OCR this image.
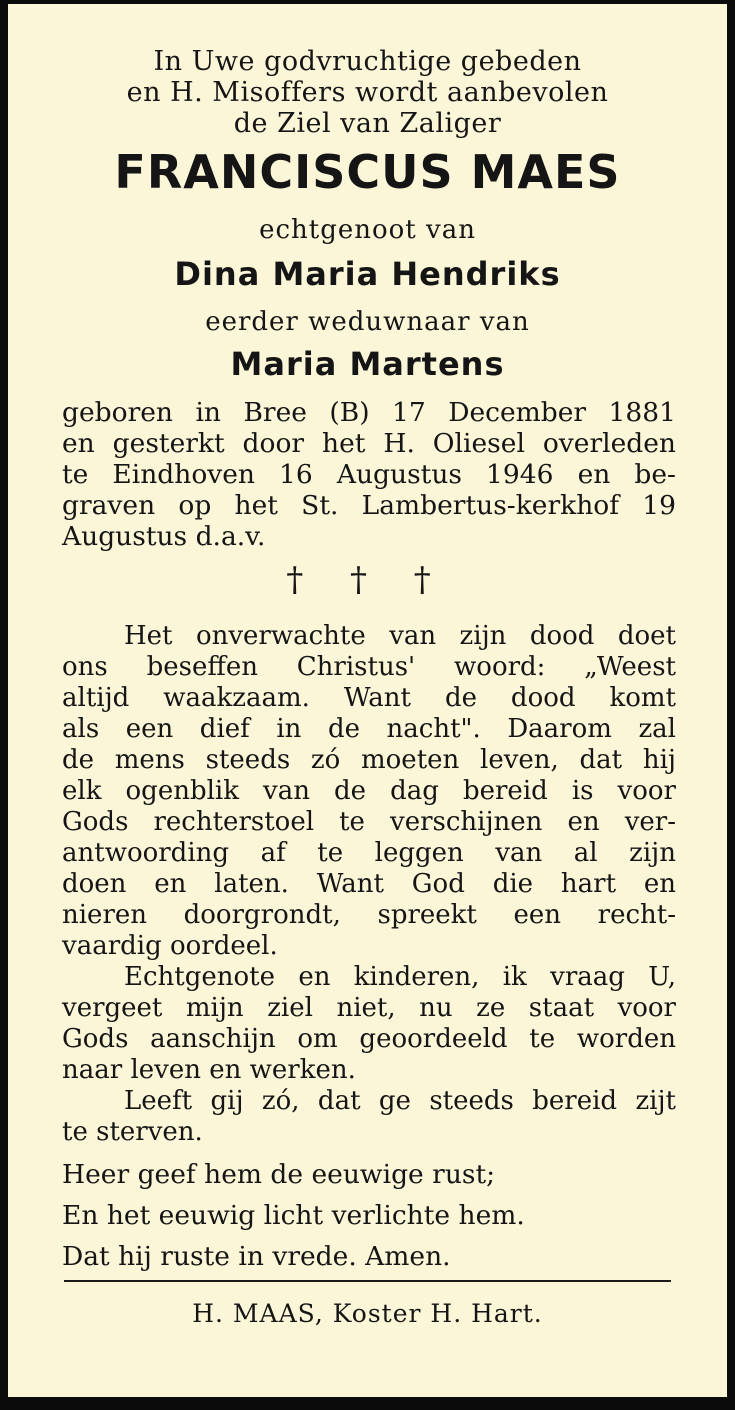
In Uwe godvruchtige gebeden
en H. Misoffers wordt aanbevolen
de Ziel van Zaliger
FRANCISCUS MAES
echtgenoot van
Dina Maria Hendriks
eerder weduwnaar van
Maria Martens
geboren in Bree (B) 17 December 1881
en gesterkt door het H. Oliesel overleden
te Eindhoven 16 Augustus 1946 en be-
graven op het St. Lambertus-kerkhof 19
Augustus d.a.v.
† † †
Het onverwachte van zijn dood doet
ons beseffen Christus' woord: „Weest
altijd waakzaam. Want de dood komt
als een dief in de nacht". Daarom zal
de mens steeds zó moeten leven, dat hij
elk ogenblik van de dag bereid is voor
Gods rechterstoel te verschijnen en ver-
antwoording af te leggen van al zijn
doen en laten. Want God die hart en
nieren doorgrondt, spreekt een recht-
vaardig oordeel.
Echtgenote en kinderen, ik vraag U,
vergeet mijn ziel niet, nu ze staat voor
Gods aanschijn om geoordeeld te worden
naar leven en werken.
Leeft gij zó, dat ge steeds bereid zijt
te sterven.
Heer geef hem de eeuwige rust;
En het eeuwig licht verlichte hem.
Dat hij ruste in vrede. Amen.
H. MAAS, Koster H. Hart.
